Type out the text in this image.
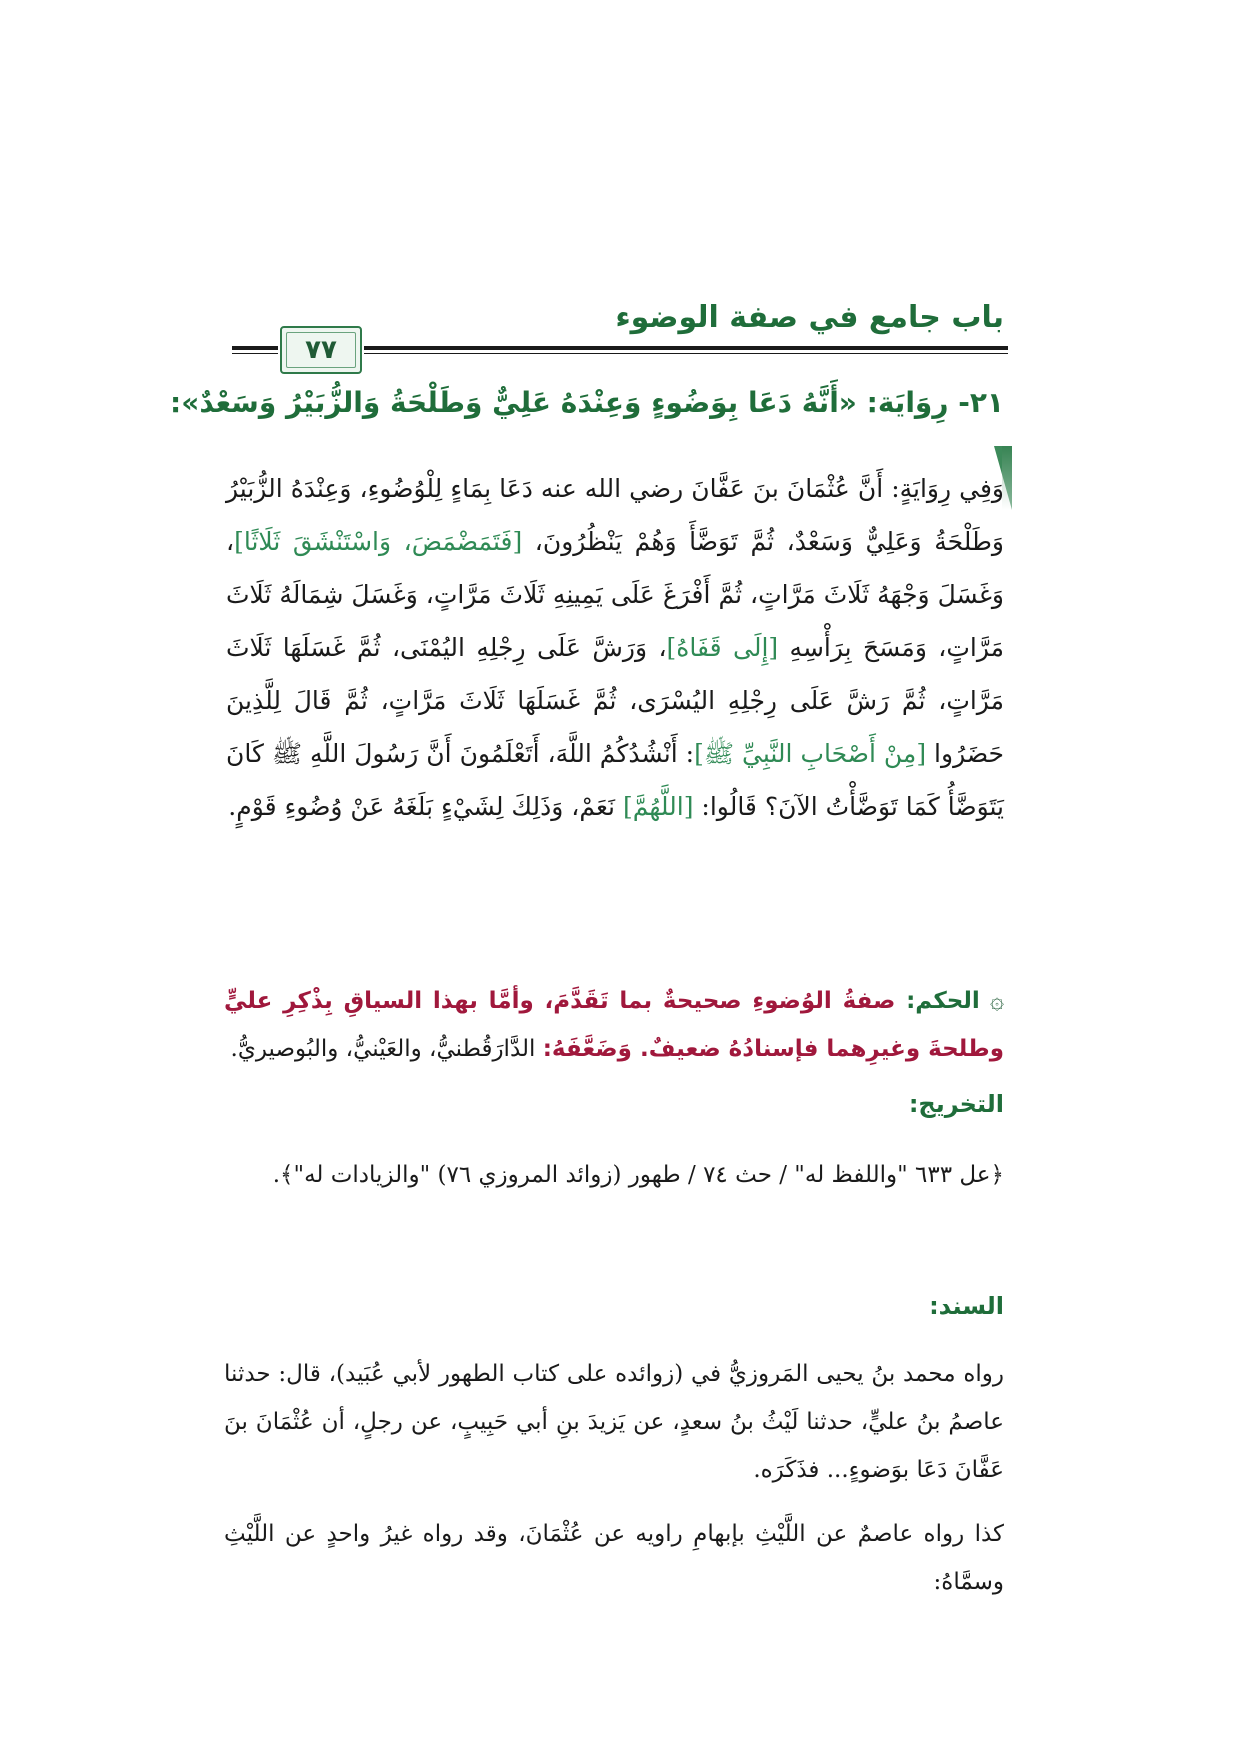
باب جامع في صفة الوضوء
٧٧
٢١- رِوَايَة: «أَنَّهُ دَعَا بِوَضُوءٍ وَعِنْدَهُ عَلِيٌّ وَطَلْحَةُ وَالزُّبَيْرُ وَسَعْدٌ»:
وَفِي رِوَايَةٍ: أَنَّ عُثْمَانَ بنَ عَفَّانَ رضي الله عنه دَعَا بِمَاءٍ لِلْوُضُوءِ، وَعِنْدَهُ الزُّبَيْرُ وَطَلْحَةُ وَعَلِيٌّ وَسَعْدٌ، ثُمَّ تَوَضَّأَ وَهُمْ يَنْظُرُونَ، [فَتَمَضْمَضَ، وَاسْتَنْشَقَ ثَلَاثًا]، وَغَسَلَ وَجْهَهُ ثَلَاثَ مَرَّاتٍ، ثُمَّ أَفْرَغَ عَلَى يَمِينِهِ ثَلَاثَ مَرَّاتٍ، وَغَسَلَ شِمَالَهُ ثَلَاثَ مَرَّاتٍ، وَمَسَحَ بِرَأْسِهِ [إِلَى قَفَاهُ]، وَرَشَّ عَلَى رِجْلِهِ اليُمْنَى، ثُمَّ غَسَلَهَا ثَلَاثَ مَرَّاتٍ، ثُمَّ رَشَّ عَلَى رِجْلِهِ اليُسْرَى، ثُمَّ غَسَلَهَا ثَلَاثَ مَرَّاتٍ، ثُمَّ قَالَ لِلَّذِينَ حَضَرُوا [مِنْ أَصْحَابِ النَّبِيِّ ﷺ]: أَنْشُدُكُمُ اللَّهَ، أَتَعْلَمُونَ أَنَّ رَسُولَ اللَّهِ ﷺ كَانَ يَتَوَضَّأُ كَمَا تَوَضَّأْتُ الآنَ؟ قَالُوا: [اللَّهُمَّ] نَعَمْ، وَذَلِكَ لِشَيْءٍ بَلَغَهُ عَنْ وُضُوءِ قَوْمٍ.
۞ الحكم: صفةُ الوُضوءِ صحيحةٌ بما تَقَدَّمَ، وأمَّا بهذا السياقِ بِذْكِرِ عليٍّ وطلحةَ وغيرِهما فإسنادُهُ ضعيفٌ. وَضَعَّفَهُ: الدَّارَقُطنيُّ، والعَيْنيُّ، والبُوصيريُّ.
التخريج:
﴿عل ٦٣٣ "واللفظ له" / حث ٧٤ / طهور (زوائد المروزي ٧٦) "والزيادات له"﴾.
السند:
رواه محمد بنُ يحيى المَروزيُّ في (زوائده على كتاب الطهور لأبي عُبَيد)، قال: حدثنا عاصمُ بنُ عليٍّ، حدثنا لَيْثُ بنُ سعدٍ، عن يَزيدَ بنِ أبي حَبِيبٍ، عن رجلٍ، أن عُثْمَانَ بنَ عَفَّانَ دَعَا بوَضوءٍ... فذَكَرَه.
كذا رواه عاصمٌ عن اللَّيْثِ بإبهامِ راويه عن عُثْمَانَ، وقد رواه غيرُ واحدٍ عن اللَّيْثِ وسمَّاهُ:
